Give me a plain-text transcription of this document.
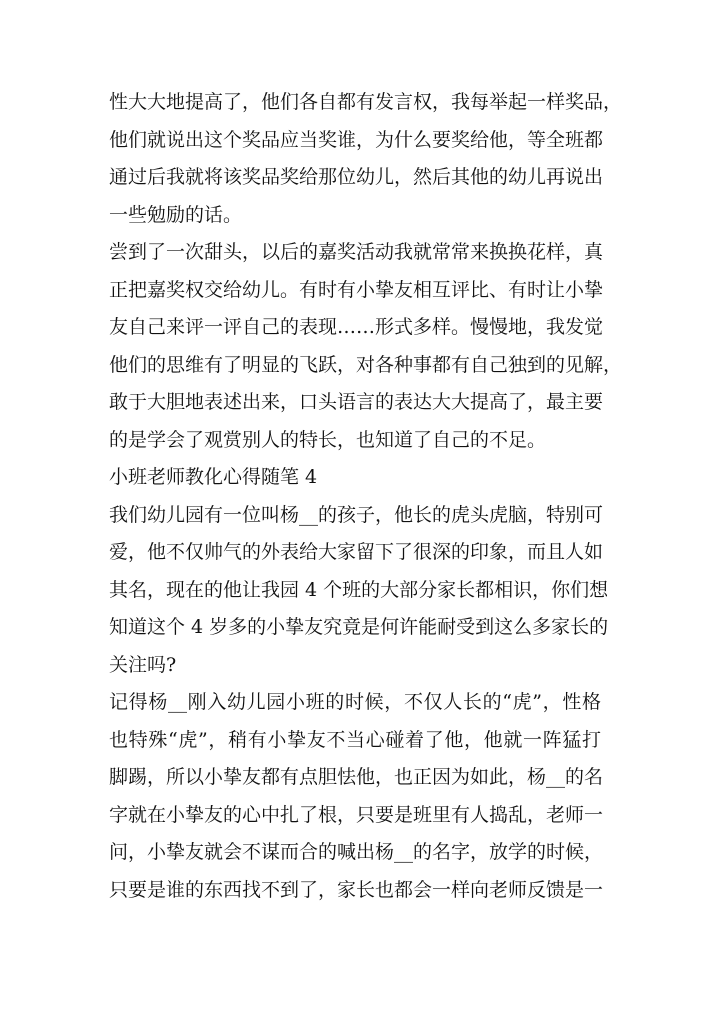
性大大地提高了，他们各自都有发言权，我每举起一样奖品，
他们就说出这个奖品应当奖谁，为什么要奖给他，等全班都
通过后我就将该奖品奖给那位幼儿，然后其他的幼儿再说出
一些勉励的话。
尝到了一次甜头，以后的嘉奖活动我就常常来换换花样，真
正把嘉奖权交给幼儿。有时有小挚友相互评比、有时让小挚
友自己来评一评自己的表现……形式多样。慢慢地，我发觉
他们的思维有了明显的飞跃，对各种事都有自己独到的见解，
敢于大胆地表述出来，口头语言的表达大大提高了，最主要
的是学会了观赏别人的特长，也知道了自己的不足。
小班老师教化心得随笔 4
我们幼儿园有一位叫杨__的孩子，他长的虎头虎脑，特别可
爱，他不仅帅气的外表给大家留下了很深的印象，而且人如
其名，现在的他让我园 4 个班的大部分家长都相识，你们想
知道这个 4 岁多的小挚友究竟是何许能耐受到这么多家长的
关注吗?
记得杨__刚入幼儿园小班的时候，不仅人长的“虎”，性格
也特殊“虎”，稍有小挚友不当心碰着了他，他就一阵猛打
脚踢，所以小挚友都有点胆怯他，也正因为如此，杨__的名
字就在小挚友的心中扎了根，只要是班里有人捣乱，老师一
问，小挚友就会不谋而合的喊出杨__的名字，放学的时候，
只要是谁的东西找不到了，家长也都会一样向老师反馈是一
